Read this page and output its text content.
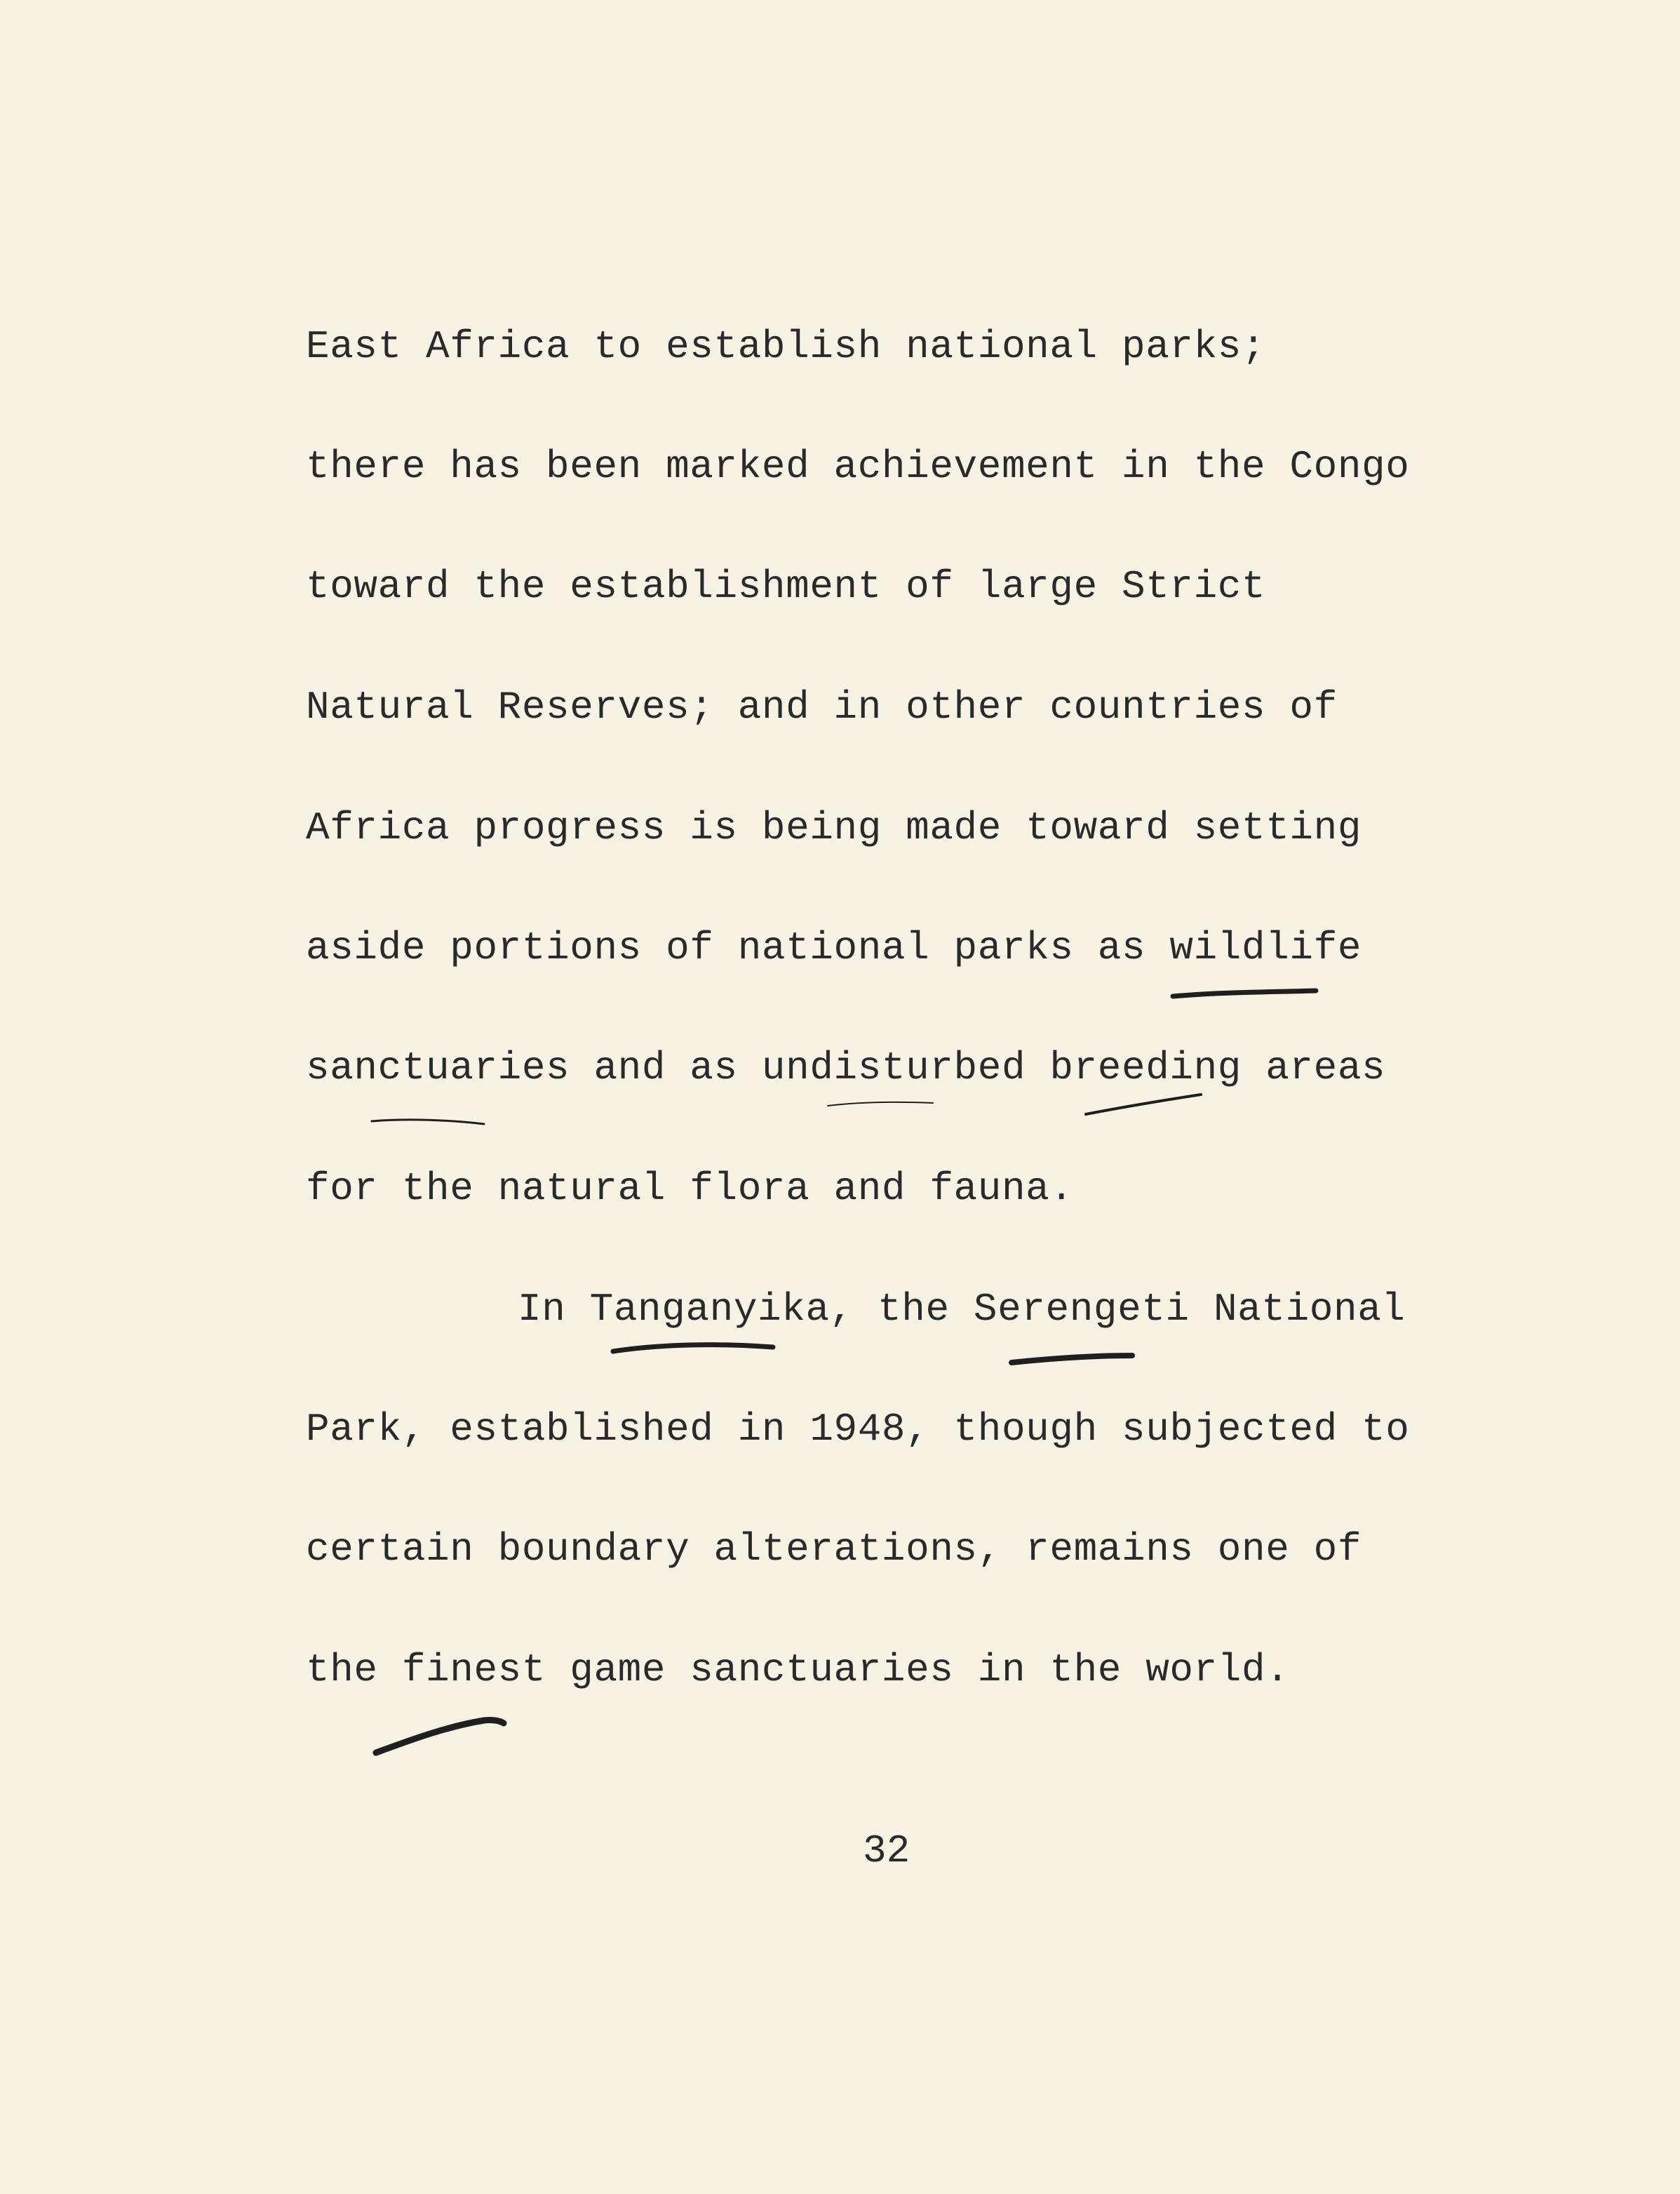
East Africa to establish national parks;
there has been marked achievement in the Congo
toward the establishment of large Strict
Natural Reserves; and in other countries of
Africa progress is being made toward setting
aside portions of national parks as wildlife
sanctuaries and as undisturbed breeding areas
for the natural flora and fauna.
In Tanganyika, the Serengeti National
Park, established in 1948, though subjected to
certain boundary alterations, remains one of
the finest game sanctuaries in the world.
32
